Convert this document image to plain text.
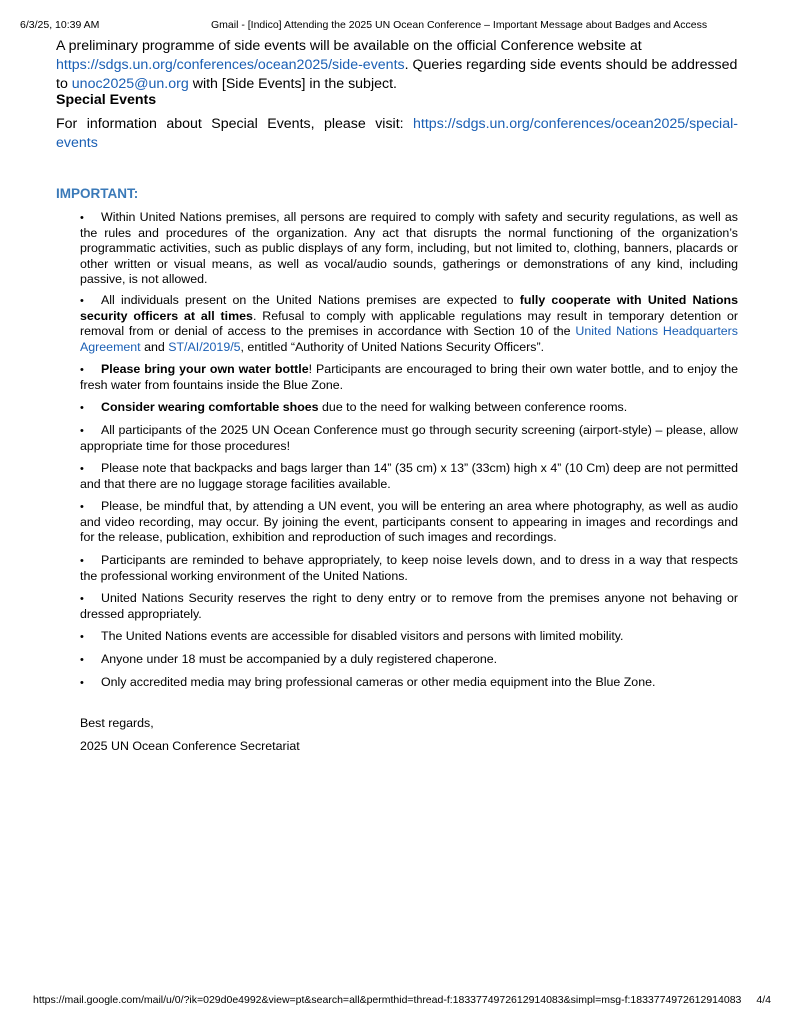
6/3/25, 10:39 AM	Gmail - [Indico] Attending the 2025 UN Ocean Conference – Important Message about Badges and Access
A preliminary programme of side events will be available on the official Conference website at
https://sdgs.un.org/conferences/ocean2025/side-events. Queries regarding side events should be addressed to unoc2025@un.org with [Side Events] in the subject.
Special Events
For information about Special Events, please visit: https://sdgs.un.org/conferences/ocean2025/special-events
IMPORTANT:
•Within United Nations premises, all persons are required to comply with safety and security regulations, as well as the rules and procedures of the organization. Any act that disrupts the normal functioning of the organization’s programmatic activities, such as public displays of any form, including, but not limited to, clothing, banners, placards or other written or visual means, as well as vocal/audio sounds, gatherings or demonstrations of any kind, including passive, is not allowed.
•All individuals present on the United Nations premises are expected to fully cooperate with United Nations security officers at all times. Refusal to comply with applicable regulations may result in temporary detention or removal from or denial of access to the premises in accordance with Section 10 of the United Nations Headquarters Agreement and ST/AI/2019/5, entitled “Authority of United Nations Security Officers”.
•Please bring your own water bottle! Participants are encouraged to bring their own water bottle, and to enjoy the fresh water from fountains inside the Blue Zone.
•Consider wearing comfortable shoes due to the need for walking between conference rooms.
•All participants of the 2025 UN Ocean Conference must go through security screening (airport-style) – please, allow appropriate time for those procedures!
•Please note that backpacks and bags larger than 14” (35 cm) x 13” (33cm) high x 4” (10 Cm) deep are not permitted and that there are no luggage storage facilities available.
•Please, be mindful that, by attending a UN event, you will be entering an area where photography, as well as audio and video recording, may occur. By joining the event, participants consent to appearing in images and recordings and for the release, publication, exhibition and reproduction of such images and recordings.
•Participants are reminded to behave appropriately, to keep noise levels down, and to dress in a way that respects the professional working environment of the United Nations.
•United Nations Security reserves the right to deny entry or to remove from the premises anyone not behaving or dressed appropriately.
•The United Nations events are accessible for disabled visitors and persons with limited mobility.
•Anyone under 18 must be accompanied by a duly registered chaperone.
•Only accredited media may bring professional cameras or other media equipment into the Blue Zone.
Best regards,
2025 UN Ocean Conference Secretariat
https://mail.google.com/mail/u/0/?ik=029d0e4992&view=pt&search=all&permthid=thread-f:1833774972612914083&simpl=msg-f:1833774972612914083 4/4
